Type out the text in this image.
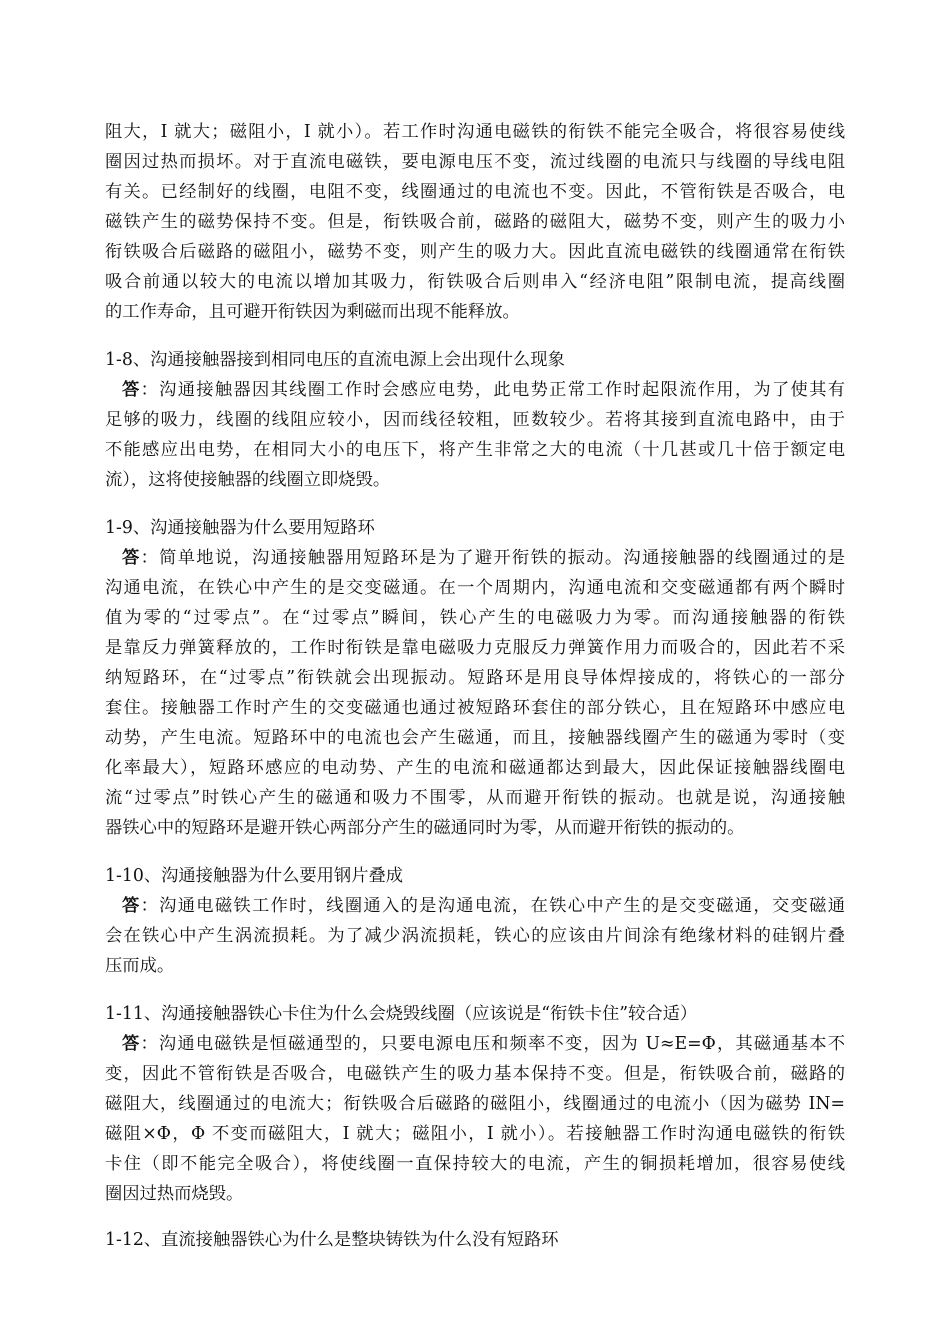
阻大，I 就大；磁阻小，I 就小）。若工作时沟通电磁铁的衔铁不能完全吸合，将很容易使线
圈因过热而损坏。对于直流电磁铁，要电源电压不变，流过线圈的电流只与线圈的导线电阻
有关。已经制好的线圈，电阻不变，线圈通过的电流也不变。因此，不管衔铁是否吸合，电
磁铁产生的磁势保持不变。但是，衔铁吸合前，磁路的磁阻大，磁势不变，则产生的吸力小
衔铁吸合后磁路的磁阻小，磁势不变，则产生的吸力大。因此直流电磁铁的线圈通常在衔铁
吸合前通以较大的电流以增加其吸力，衔铁吸合后则串入“经济电阻”限制电流，提高线圈
的工作寿命，且可避开衔铁因为剩磁而出现不能释放。
1-8、沟通接触器接到相同电压的直流电源上会出现什么现象
答：沟通接触器因其线圈工作时会感应电势，此电势正常工作时起限流作用，为了使其有
足够的吸力，线圈的线阻应较小，因而线径较粗，匝数较少。若将其接到直流电路中，由于
不能感应出电势，在相同大小的电压下，将产生非常之大的电流（十几甚或几十倍于额定电
流），这将使接触器的线圈立即烧毁。
1-9、沟通接触器为什么要用短路环
答：简单地说，沟通接触器用短路环是为了避开衔铁的振动。沟通接触器的线圈通过的是
沟通电流，在铁心中产生的是交变磁通。在一个周期内，沟通电流和交变磁通都有两个瞬时
值为零的“过零点”。在“过零点”瞬间，铁心产生的电磁吸力为零。而沟通接触器的衔铁
是靠反力弹簧释放的，工作时衔铁是靠电磁吸力克服反力弹簧作用力而吸合的，因此若不采
纳短路环，在“过零点”衔铁就会出现振动。短路环是用良导体焊接成的，将铁心的一部分
套住。接触器工作时产生的交变磁通也通过被短路环套住的部分铁心，且在短路环中感应电
动势，产生电流。短路环中的电流也会产生磁通，而且，接触器线圈产生的磁通为零时（变
化率最大），短路环感应的电动势、产生的电流和磁通都达到最大，因此保证接触器线圈电
流“过零点”时铁心产生的磁通和吸力不围零，从而避开衔铁的振动。也就是说，沟通接触
器铁心中的短路环是避开铁心两部分产生的磁通同时为零，从而避开衔铁的振动的。
1-10、沟通接触器为什么要用钢片叠成
答：沟通电磁铁工作时，线圈通入的是沟通电流，在铁心中产生的是交变磁通，交变磁通
会在铁心中产生涡流损耗。为了减少涡流损耗，铁心的应该由片间涂有绝缘材料的硅钢片叠
压而成。
1-11、沟通接触器铁心卡住为什么会烧毁线圈（应该说是“衔铁卡住”较合适）
答：沟通电磁铁是恒磁通型的，只要电源电压和频率不变，因为 U≈E=Φ，其磁通基本不
变，因此不管衔铁是否吸合，电磁铁产生的吸力基本保持不变。但是，衔铁吸合前，磁路的
磁阻大，线圈通过的电流大；衔铁吸合后磁路的磁阻小，线圈通过的电流小（因为磁势 IN=
磁阻×Φ，Φ 不变而磁阻大，I 就大；磁阻小，I 就小）。若接触器工作时沟通电磁铁的衔铁
卡住（即不能完全吸合），将使线圈一直保持较大的电流，产生的铜损耗增加，很容易使线
圈因过热而烧毁。
1-12、直流接触器铁心为什么是整块铸铁为什么没有短路环
